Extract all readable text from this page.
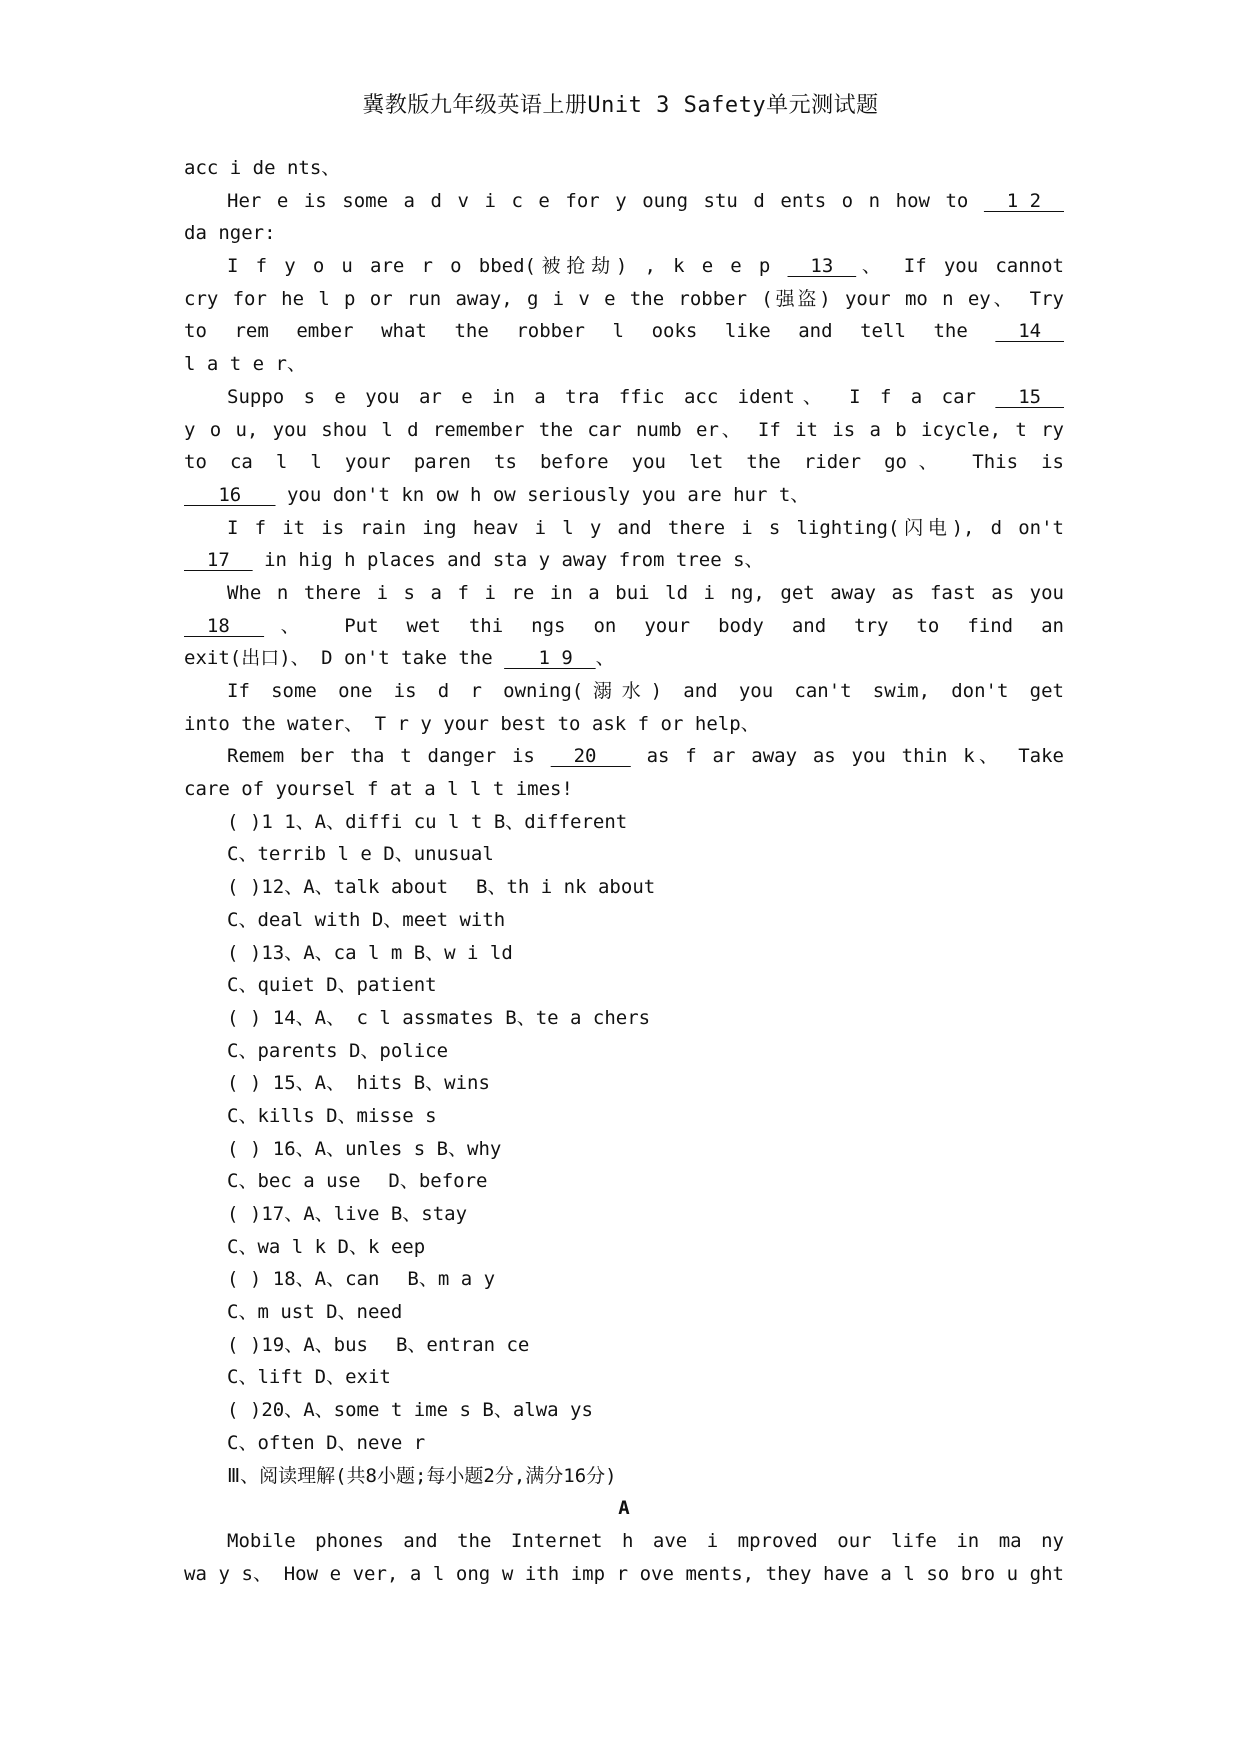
冀教版九年级英语上册Unit 3 Safety单元测试题
acc i de nts、
Her e is some a d v i c e for y oung stu d ents o n how to   1 2
da nger:
I f y o u are r o bbed(被抢劫) , k e e p   13  、 If you cannot
cry for he l p or run away, g i v e the robber (强盗) your mo n ey、 Try
to rem ember what the robber l ooks like and tell the   14
l a t e r、
Suppo s e you ar e in a tra ffic acc ident、 I f a car   15
y o u, you shou l d remember the car numb er、 If it is a b icycle, t ry
to ca l l your paren ts before you let the rider go、 This is
16    you don't kn ow h ow seriously you are hur t、
I f it is rain ing heav i l y and there i s lighting(闪电), d on't
17   in hig h places and sta y away from tree s、
Whe n there i s a f i re in a bui ld i ng, get away as fast as you
18   、 Put wet thi ngs on your body and try to find an
exit(出口)、 D on't take the    1 9  、
If some one is d r owning(溺水) and you can't swim, don't get
into the water、 T r y your best to ask f or help、
Remem ber tha t danger is   20    as f ar away as you thin k、 Take
care of yoursel f at a l l t imes!
( )1 1、A、diffi cu l t B、different
C、terrib l e D、unusual
( )12、A、talk about B、th i nk about
C、deal with D、meet with
( )13、A、ca l m B、w i ld
C、quiet D、patient
( ) 14、A、 c l assmates B、te a chers
C、parents D、police
( ) 15、A、 hits B、wins
C、kills D、misse s
( ) 16、A、unles s B、why
C、bec a use D、before
( )17、A、live B、stay
C、wa l k D、k eep
( ) 18、A、can B、m a y
C、m ust D、need
( )19、A、bus B、entran ce
C、lift D、exit
( )20、A、some t ime s B、alwa ys
C、often D、neve r
Ⅲ、阅读理解(共8小题;每小题2分,满分16分)
A
Mobile phones and the Internet h ave i mproved our life in ma ny
wa y s、 How e ver, a l ong w ith imp r ove ments, they have a l so bro u ght
